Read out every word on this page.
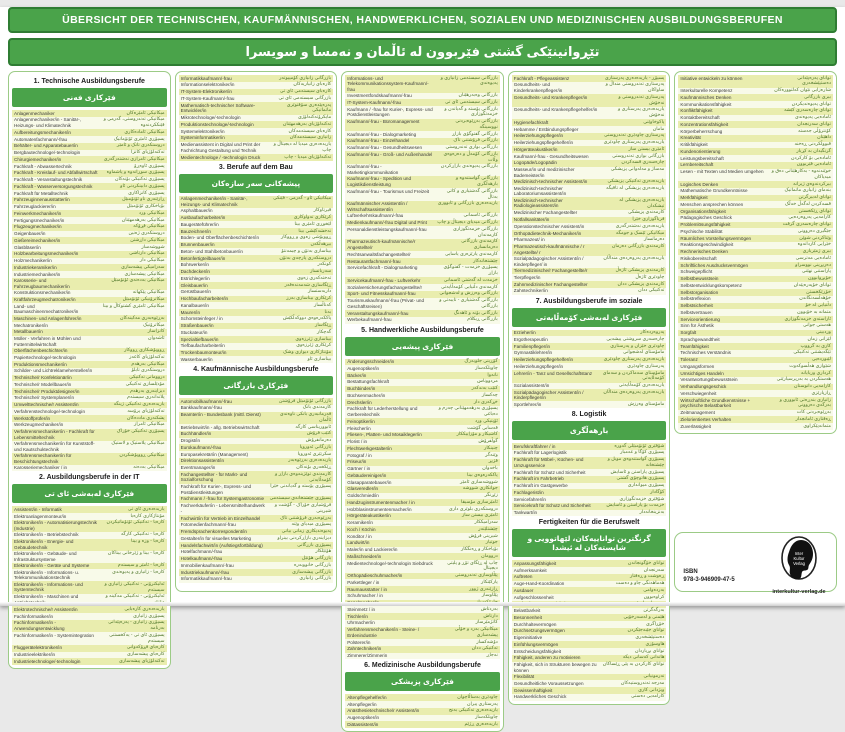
ÜBERSICHT DER TECHNISCHEN, KAUFMÄNNISCHEN, HANDWERKLICHEN, SOZIALEN UND MEDIZINISCHEN AUSBILDUNGSBERUFEN
تێڕوانینێکی گشتی فێربوون له ئاڵمان و نه‌مسا و سویسرا
1. Technische Ausbildungsberufe
فێرکاری فه‌نی
Anlagenmechaniker	میکانیکی ئامێرەکان
Anlagenmechaniker/in - Sanitär-, Heizungs- und Klimatechnik
میکانیکی تەندروستی، گەرمی و فێنککردنەوە
Aufbereitungsmechaniker/in	میکانیکی ئامادەکاری
Automatenfachmann/-frau	پسپۆڕی ئامێری ئۆتۆماتیک
Behälter- und Apparatebauer/in	دروستکەری تانک و ئامێر
Bergbautechnologe/-technologin	تەکنەلۆژیای کانزا
Chirurgiemechaniker/in	میکانیکی ئامرازی نەشتەرگەری
Fachkraft - Abwassertechnik	پسپۆڕی ئاوەڕۆ
Fachkraft - Kreislauf- und Abfallwirtschaft	پسپۆڕی سوڕانەوە و پاشماوە
Fachkraft - Veranstaltungstechnik	پسپۆڕی تەکنیکی بۆنەکان
Fachkraft - Wasserversorgungstechnik	پسپۆڕی دابینکردنی ئاو
Fachkraft für Metalltechnik	پسپۆڕی کانزاکاری
Fahrzeuginnenausstatter/in	ڕازێنەری ناو ئۆتۆمبێل
Fahrzeuglackierer/in	بۆیاخکاری ئۆتۆمبێل
Feinwerkmechaniker/in	میکانیکی ورد
Fertigungsmechaniker/in	میکانیکی بەرهەمهێنان
Flugzeugmechaniker/in	میکانیکی فڕۆکە
Geigenbauer/in	دروستکەری ژەنین
Gießereimechaniker/in	میکانیکی داڕشتن
Glasbläser/in	شووشەساز
Holzbearbeitungsmechaniker/in	میکانیکی دارتاشی
Holzmechaniker/in	میکانیکی دار
Industriekeramiker/in	سەرامیکی پیشەسازی
Industriemechaniker/in	میکانیکی پیشەسازی
Karosserie- und Fahrzeugbaumechaniker/in
میکانیکی بەدەنەی ئۆتۆمبێل
Konstruktionsmechaniker/in	میکانیکی پێکهاتە
Kraftfahrzeugmechatroniker/in	میکاترۆنیکی ئۆتۆمبێل
Land- und Baumaschinenmechatroniker/in
میکانیکی ئامێری کشتوکاڵ و بینا
Maschinen- und Anlagenführer/in	بەڕێوەبەری مەکینەکان
Mechatroniker/in	میکاترۆنیک
Metallbauer/in	کانزاساز
Müller - Verfahren in Mühlen und Futtermittelwirtschaft
ئاشەوان
Oberflächenbeschichter/in	ڕووپۆشکاری ڕووکار
Papiertechnologe/-technologin	تەکنەلۆژیای کاغەز
Produktionsmechaniker/in	میکانیکی بەرهەم
Schilder- und Lichtreklamehersteller/in	دروستکەری تابلۆ
Technische/r Konfektionär/in	دروومانی تەکنیکی
Technische/r Modellbauer/in	مۆدێلسازی تەکنیکی
Technische/r Produktdesigner/in	دیزاینەری بەرهەم
Technische/r Systemplaner/in	پلاندانەری سیستەم
Umwelttechnische/r Assistent/in	یاریدەدەری تەکنیکی ژینگە
Verfahrenstechnologe/-technologin	تەکنەلۆژیای پرۆسە
Werkstoffprüfer/in	پشکنەری ماددەکان
Werkzeugmechaniker/in	میکانیکی ئامراز
Verfahrensmechaniker/in - Fachkraft für Lebensmitteltechnik
پسپۆڕی تەکنیکی خۆراک
Verfahrensmechaniker/in für Kunststoff- und Kautschuktechnik
میکانیکی پلاستیک و لاستیک
Verfahrensmechaniker/in für Beschichtungstechnik
میکانیکی ڕووپۆشکردن
Karosseriemechaniker / in	میکانیکی بەدەنە
2. Ausbildungsberufe in der IT
فێرکاری له‌به‌شی ئای تی
Assistent/in - Informatik	یاریدەدەری ئای تی
Elektroanlagenmonteur/in	مۆنتاژکاری کارەبا
Elektroniker/in - Automatisierungstechnik (Industrie)
کارەبا - تەکنیکی ئۆتۆماتیکردن
Elektroniker/in - Betriebstechnik	کارەبا - تەکنیکی کارگە
Elektroniker/in - Energie- und Gebäudetechnik
کارەبا - وزە و بینا
Elektroniker/in - Gebäude- und Infrastruktursysteme
کارەبا - بینا و ژێرخانی بیناکان
Elektroniker/in - Geräte und Systeme	کارەبا - ئامێر و سیستەم
Elektroniker/in - Informations- u. Telekommunikationstechnik
کارەبا - زانیاری و پەیوەندی
Elektroniker/in - Informations- und Systemtechnik
ئەلیکترۆنی - تەکنیکی زانیاری و سیستەم
Elektroniker/in - Maschinen und	ئەلیکترۆنی - تەکنیکی مەکینە و
Elektrotechnische/r Assistent/in	یاریدەدەری کارەبایی
Fachinformatiker/in	پسپۆڕی زانیاری
Fachinformatiker/in - Anwendungsentwicklung
پسپۆڕی زانیاری - پەرەپێدانی بەرنامە
Fachinformatiker/in - Systemintegration	پسپۆڕی ئای تی - یەکخستنی سیستەم
Fluggerätelektroniker/in	کارەبای فڕۆکەوانی
Industrieelektriker/in	کارەبای پیشەسازی
Industrietechnologe/-technologin	تەکنەلۆژیای پیشەسازی
Informatikkaufmann/-frau	بازرگانی زانیاری کۆمپیوتەر
Informationselektroniker/in	کارەبای زانیاریەکان
IT-System-Elektroniker/in	کارەبای سیستەمی ئای تی
IT-System-Kaufmann/-frau	بازرگانی سیستەمی ئای تی
Mathematisch-technischer Software-Entwickler/in
پەرەپێدەری سۆفتوێری ماتماتیکی
Mikrotechnologe/-technologin	مایکرۆتەکنەلۆژی
Produktionstechnologe/-technologin	تەکنەلۆژیای بەرهەمهێنان
Systemelektroniker/in	کارەبای سیستەمەکان
Systeminformatiker/in	زانیاری سیستەمەکان
Medienassistent in Digital und Print der Fachrichtung Gestaltung und Technik
یاریدەدەری میدیا لە دیجیتاڵ و چاپ
Medientechnologe / -technologin Druck	تەکنەلۆژیای میدیا - چاپ
3. Berufe auf dem Bau
پیشه‌کانی سه‌ر سازه‌کان
Anlagenmechaniker/in - Sanitär-, Heizungs- und Klimatechnik
میکانیکی ئاو - گەرمی - فێنکی
Asphaltbauer/in	قیرتاوکار
Ausbaufacharbeiter/in	کرێکاری تەواوکاری
Baugeräteführer/in	لێخوڕی ئامێری بینا
Bauzeichner/in	نەخشەکێشی بینا
Boden- und Oberflächenbeschichter/in	ڕووپۆشی زەوی و ڕووکار
Brunnenbauer/in	بیرهەڵکەن
Beton- und Stahlbetonbauer/in	بیناسازی بەتۆن و چیمەنتۆ
Betonfertigteilbauer/in	دروستکەری پارچەی بەتۆن
Bohrwerker/in	کونکەر
Dachdecker/in	سەربانساز
Estrichleger/in	تەختەکەری زەوی
Gleisbauer/in	ڕێگاسازی شەمەندەفەر
Gerüstbauer/in	داربەستساز
Hochbaufacharbeiter/in	کرێکاری بیناسازی بەرز
Kanalbauer/in	کەناڵساز
Maurer/in	بەنا
Schornsteinfeger / in	پاککەرەوەی دووکەڵکێش
Straßenbauer/in	ڕێگاساز
Stuckateur/in	گەچکار
Spezialtiefbauer/in	بیناسازی ژێرزەوی
Tiefbaufacharbeiter/in	کرێکاری ژێرزەوی
Trockenbaumonteur/in	مۆنتاژکاری دیواری وشک
Wasserbauer/in	بیناسازی ئاو
4. Kaufmännische Ausbildungsberufe
فێرکاری بازرگانی
Automobilkaufmann/-frau	بازرگانی ئۆتۆمبێل فرۆشتن
Bankkaufmann/-frau	کارمەندی بانک
Beamter/in - Bundesbank (mittl. Dienst)	فەرمانبەری بانکی ناوەندی ئاڵمان
Betriebswirt/in - allg. Betriebswirtschaft	ئابووریناسی کارگە
Buchhändler/in	کتێب فرۆش
Drogist/in	دەرمانفرۆش
Eurokaufmann/-frau	بازرگانی ئەوروپا
Europasekretär/in (Management)	سکرتێری ئەوروپا
Direktionsassistent/in	یاریدەدەری بەڕێوەبەر
Eventmanager/in	ڕێکخەری بۆنەکان
Fachangestellter - für Markt- und Sozialforschung
کارمەندی توێژینەوەی بازاڕ و کۆمەڵایەتی
Fachkraft für Kurier-, Express- und Postdienstleistungen
پسپۆڕی پۆستە و گەیاندنی خێرا
Fachmann / -frau für Systemgastronomie	پسپۆڕی چێشتخانەی سیستەمی
Fachverkäufer/in - Lebensmittelhandwerk -
فرۆشیاری خۆراک - گۆشت و شیرینی
Fachwirt/in für Vertrieb im Einzelhandel	بەڕێوەبەری فرۆشتنی تاک
Fotomedienfachmann/-frau	پسپۆڕی میدیای وێنە
Fremdsprachenkorrespondent/in	پەیوەندیکاری زمانی بیانی
Gestalter/in für visuelles Marketing	دیزاینەری بازاڕکردنی بینراو
Handelsfachwirt/in (Aufstiegsfortbildung)	پسپۆڕی بازرگانی
Hotelfachmann/-frau	هۆتێلکار
Hotelkaufmann/-frau	بازرگانی هۆتێل
Immobilienkaufmann/-frau	بازرگانی خانووبەرە
Industriekaufmann/-frau	بازرگانی پیشەسازی
Informatikkaufmann/-frau	بازرگانی زانیاری
Informations- und Telekommunikationssystem-Kaufmann/-frau
بازرگانی سیستەمی زانیاری و پەیوەندی
Investmentfondskaufmann/-frau	بازرگانی وەبەرهێنان
IT-System-Kaufmann/-frau	بازرگانی سیستەمی ئای تی
Kaufmann / -frau für Kurier-, Express- und Postdienstleistungen
بازرگانی پۆستە و گەیاندن و خزمەتگوزاری
Kaufmann/-frau - Büromanagement	بازرگانی بەڕێوەبردنی نووسینگە
Kaufmann/-frau - Dialogmarketing	بازرگانی گفتوگۆی بازاڕ
Kaufmann/-frau - Einzelhandel	بازرگانی فرۆشتنی تاک
Kaufmann/-frau - Gesundheitswesen	بازرگانی بواری تەندروستی
Kaufmann/-frau - Groß- und Außenhandel	بازرگانی کۆمەڵ و دەرەوەی وڵات
Kaufmann/-frau - Marketingkommunikation
بازرگانی پەیوەندی بازاڕکردن
Kaufmann/-frau - Spedition und Logistikdienstleistung
بازرگانی گواستنەوە و بارهەڵگری
Kaufmann/-frau - Tourismus und Freizeit	بازرگانی گەشتیاری و کاتی بەتاڵ
Kaufmännischer Assistent/in / Wirtschaftsassistent/in
یاریدەدەری بازرگانی و ئابووری
Luftverkehrskaufmann/-frau	بازرگانی ئاسمانی
Medienkaufmann/-frau Digital und Print	بازرگانی میدیای دیجیتاڵ و چاپ
Personaldienstleistungskaufmann/-frau	بازرگانی خزمەتگوزاری کارمەندان
Pharmazeutisch-kaufmännische/r Angestellte/r
کارمەندی بازرگانی دەرمانسازی
Rechtsanwaltsfachangestellte/r	کارمەندی پارێزەری یاسایی
Restaurantfachmann/-frau	چێشتخانەکار
Servicefachkraft - Dialogmarketing	پسپۆڕی خزمەت - گفتوگۆی بازاڕ
Servicekaufmann/-frau - Luftverkehr	خزمەت لە گەشتی ئاسمانی
Sozialversicherungsfachangestellte/r	کارمەندی دڵنیایی کۆمەڵایەتی
Sport- und Fitnesskaufmann/-frau	بازرگانی وەرزش و لەشجوانی
Tourismuskaufmann/-frau (Privat- und Geschäftsreisen)
بازرگانی گەشتیاری - تایبەتی و بازرگانی
Veranstaltungskaufmann/-frau	بازرگانی بۆنە و ئاهەنگ
Werbekaufmann/-frau	بازرگانی ڕیکلام
5. Handwerkliche Ausbildungsberufe
فێرکاری پیشه‌یی
Änderungsschneider/in	گۆڕینی جلوبەرگ
Augenoptiker/in	چاویلکەساز
Bäcker/in	نانەوا
Bestattungsfachkraft	مردووناس
Buchbinder/in	کتێب بەندکەر
Büchsenmacher/in	چەکساز
Drechsler/in	خڕکەری دار
Fachkraft für Lederherstellung und Gerbereitechnik
پسپۆڕی بەرهەمهێنانی چەرم و دەباغی
Feinoptiker/in	ئۆپتیکی ورد
Fleischer/in	قەسابی گۆشت
Fliesen-, Platten- und Mosaikleger/in	کاشیکار و مۆزاییککار
Florist / in	گوڵفرۆش
Flechtwerkgestalter/in	چنینکار
Fotograf / in	وێنەگر
Friseur/in	قژبڕ
Gärtner / in	باخەوان
Gebäudereiniger/in	پاککەرەوەی بینا
Glasapparatebauer/in	شووشەسازی ئامێر
Glasveredler/in	جوانکاری شووشە
Goldschmied/in	زێڕنگر
Handzuginstrumentenmacher / in	ئامێرسازی مۆسیقا
Holzblasinstrumentenmacher/in	دروستکەری بلوێری داری
Hörgeräteakustiker/in	ئامێری بیستن ساز
Keramiker/in	سەرامیککار
Koch / Köchin	چێشتلێنەر
Konditor / in	شیرینی فرۆش
Landwirt/in	جوتیار
Maler/in und Lackierer/in	بۆیاخکار و ڕەنگکار
Maßschneider/in	دروومان
Medientechnologe/-technologin Siebdruck	چاپ لە ڕێگای تۆڕ و پلیتی دیجیتاڵ
Orthopädieschuhmacher/in	پێڵاوسازی تەندروستی
Parkettleger / in	پاركێتکار
Raumausstatter / in	ڕازێنەری ژوور
Schuhmacher / in	پێڵاوساز
Steinmetz / in	بەردتاش
Tischler/in	دارتاش
Uhrmacher/in	کاتژمێرساز
Verfahrensmechaniker/in - Steine- / Erdenindustrie
میکانیکی بەرد و خۆڵی پیشەسازی
Polsterer/in	دۆشەکساز
Zahntechniker/in	تەکنیکی ددان
Zimmerer/Zimmerin	نەجاڕ
6. Medizinische Ausbildungsberufe
فێرکاری پزیشکی
Altenpflegehelfer/in	چاودێری بەساڵاچوان
Altenpfleger/in	پەرستاری پیران
Anästhesietechnische/r Assistent/in	یاریدەدەری تەکنیکی بەنج
Augenoptiker/in	چاویلکەساز
Diätassistent/in	یاریدەدەری ڕژێم
Fachkraft - Pflegeassistenz	پسپۆڕ - یاریدەدەری پەرستاری
Gesundheits- und Kinderkrankenpfleger/in
پەرستاری تەندروستی منداڵ و ساواکان
Gesundheits- und Krankenpfleger/in	پەرستاری تەندروستی و نەخۆش
Gesundheits- und Krankenpflegehelfer/in	یاریدەدەری پەرستاری و نەخۆش
Hygienefachkraft	پاکوخاوێنی
Hebamme / Entbindungspfleger	مامان
Heilerziehungspfleger/in	پەرستاری چاودێری تەندروستی
Heilerziehungspflegehelfer/in	یاریدەدەری پەرستاری چاودێری
Hörgeräteakustiker/in	ئامێری بیستن ساز
Kaufmann/-frau - Gesundheitswesen	بازرگانی بواری تەندروستی
Logopäde/Logopädin	چارەسەری قسەکردن
Masseur/in und medizinischer Bademeister/in
مەساژ و مەلەوانی پزیشکی
Medizinisch-technischer Assistent/in	یاریدەدەری تەکنیکی پزیشکی
Medizinisch-technischer Laboratoriumsassistent/in
یاریدەدەری پزیشکی لە تاقیگە
Medizinisch-technischer Radiologieassistent/in
یاریدەدەری پزیشکی لە تیشکدان
Medizinischer Fachangestellter	کارمەندی پزیشکی
Notfallsanitäter/in	فریاگوزاری خێرا
Operationstechnischer Assistent/in	یاریدەدەری نەشتەرگەری
Orthopädietechnik-Mechaniker/in	میکانیکی ئێسک و جومگە
Pharmazeut/ in	دەرمانساز
Pharmazeutisch-kaufmännische / r Angestellte/ r
کارمەندی بازرگانی دەرمان
Sozialpädagogischer Assistent/in / Kinderpfleger/ in
یاریدەدەری پەروەردەی منداڵان
Tiermedizinische/r Fachangestellte/r	کارمەندی پزیشکی ئاژەڵ
Tierpfleger/in	چاودێری ئاژەڵ
Zahnmedizinischer Fachangestellter	کارمەندی پزیشکی ددان
Zahntechniker/in	تەکنیکی ددان
7. Ausbildungsberufe im soziale
فێرکاری له‌به‌شی کۆمه‌ڵایه‌تی
Erzieher/in	پەروەردەکار
Ergotherapeut/in	چارەسەری سروشتی پیشەیی
Familienpfleger/in	چاودێری خێزان و پەرستاری
Gymnastiklehrer/in	مامۆستای لەشجوانی
Heilerziehungspflegehelfer/in	یاریدەدەری پەرستاری چاودێری
Heilerziehungspfleger/in	پەرستاری چاودێری
Lehrer/in - Tanz und Gesellschaftstanz	مامۆستای سەماکردن و سەمای کۆمەڵایەتی
Sozialassistent/in	یاریدەدەری کۆمەڵایەتی
Sozialpädagogischer Assistent/in / Kinderpfleger/in
یاریدەدەری پەروەردەی منداڵان
Sportlehrer/in	مامۆستای وەرزش
8. Logistik
بارهه‌ڵگری
Berufskraftfahrer / in	شۆفێری ئۆتۆمبێلی گەورە
Fachkraft für Lagerlogistik	پسپۆڕی کۆگا و عەمبار
Fachkraft für Möbel-, Küchen- und Umzugsservice
پسپۆڕی گواستنەوەی موبل و چێشتخانە
Fachkraft für Schutz und Sicherheit	پسپۆڕی پاراستن و ئاسایش
Fachkraft im Fahrbetrieb	پسپۆڕی هاتوچۆی گشتی
Fachkraft im Gastgewerbe	پسپۆڕی میوانداری
Fachlagerist/in	کۆگادار
Servicefahrer/in	شۆفێری خزمەتگوزاری
Servicekraft für Schutz und Sicherheit	خزمەت بۆ پاراستن و ئاسایش
Tankwart/in	بەنزینخانەدار
Fertigkeiten für die Berufswelt
گرنگترین تواناییه‌کان، لێهاتوویی و شایسته‌کان له‌ ئیشدا
Anpassungsfähigkeit	توانای خۆگونجاندن
Aufmerksamkeit	سەرنجدان
Auftreten	ڕەوشت و ڕەفتار
Auge-Hand-Koordination	هەماهەنگی چاو و دەست
Ausdauer	بەردەوامی
Aufgeschlossenheit	کراوەبوون
Belastbarkeit	بەرگەگرتن
Besonnenheit	هێمنی و لەسەرخۆیی
Durchhaltevermögen	خۆڕاگری
Durchsetzungsvermögen	توانای جێبەجێکردن
Eigeninitiative	دەستپێشخەری
Einfühlungsvermögen	هاوسۆزی
Entscheidungsfähigkeit	توانای بڕیاردان
Fähigkeit, anderen zu motivieren	هاندانی کەسانی دیکە
Fähigkeit, sich in Strukturen bewegen zu können
توانای کارکردن بە پێی ڕێساکان
Flexibilität	نەرمونیانی
Gesundheitliche Voraussetzungen	مەرجە تەندروستیەکان
Gewissenhaftigkeit	ویژدانی کاری
Handwerkliches Geschick	کارامەیی دەستی
Initiative entwickeln zu können	توانای پەرەپێدانی دەستپێشخەری
Interkulturelle Kompetenz	شارەزایی نێوان کەلتوورەکان
Kaufmännisches Denken	بیری بازرگانی
Kommunikationsfähigkeit	توانای پەیوەندیکردن
Konfliktfähigkeit	توانای چارەسەری کێشە
Kontaktbereitschaft	ئامادەیی پەیوەندی
Konzentrationsfähigkeit	توانای سەرنجدان
Körperbeherrschung	کۆنترۆڵی جەستە
Kreativität	داهێنان
Kritikfähigkeit	قبووڵکردنی ڕەخنە
Kundenorientierung	گرنگیدان بە کڕیار
Leistungsbereitschaft	ئامادەیی بۆ کارکردن
Lernbereitschaft	ئامادەیی فێربوون
Lesen - mit Texten und Medien umgehen	خوێندنەوە - بەکارهێنانی دەق و میدیاکان
Logisches Denken	بیرکردنەوەی ژیرانە
Mathematische Grundkenntnisse	بنەمای زانیاری ماتماتیک
Merkfähigkeit	توانای لەبیرگرتن
Menschen ansprechen können	قسەکردن لەگەڵ خەڵک
Organisationsfähigkeit	توانای ڕێکخستن
Pädagogisches Geschick	کارامەیی پەروەردەیی
Problemlösungsfähigkeit	توانای چارەسەری گرفت
Psychische Stabilität	جێگیری دەروونی
Räumliches Vorstellungsvermögen	وێناکردنی شوێن
Reaktionsgeschwindigkeit	خێرایی کاردانەوە
Rechnerisches Denken	بیری ژمێریاری
Risikobereitschaft	ئامادەیی مەترسی
Schriftliches Ausdrucksvermögen	دەربڕینی نووسراو
Schweigepflicht	پاراستنی نهێنی
Selbstbewusstsein	خۆبڕوابوون
Selbstentwicklungskompetenz	توانای خۆپەرەپێدان
Selbstorganisation	خۆڕێکخستن
Selbstreflexion	خۆهەڵسەنگاندن
Selbstsicherheit	دڵنیایی لە خۆ
Selbstvertrauen	متمانە بە خۆبوون
Serviceorientierung	ئاراستەی خزمەتگوزاری
Sinn für Ästhetik	هەستی جوانی
Sorgfalt	وردبینی
Sprachgewandtheit	لێزانی زمان
Teamfähigkeit	کاری بە گرووپ
Technisches Verständnis	تێگەیشتنی تەکنیکی
Toleranz	لێبوردەیی
Umgangsformen	شێوازی هەڵسوکەوت
Umsichtiges Handeln	کرداری وریایانە
Verantwortungsbewusstsein	هەستکردن بە بەرپرسیارێتی
Verhandlungsgeschick	کارامەیی دانوستان
Verschwiegenheit	ڕازپارێزی
Wirtschaftliche Grundkenntnisse + psychische Belastbarkeit
زانیاری بنەڕەتی ئابووری و بەرگەی دەروونی
Zeitmanagement	بەڕێوەبردنی کات
Zielorientiertes Verhalten	ڕەفتاری ئامانجدار
Zuverlässigkeit	متمانەپێکراوی
ISBN
978-3-946909-47-5
Inter
Kultur
Verlag
interkultur-verlag.de
